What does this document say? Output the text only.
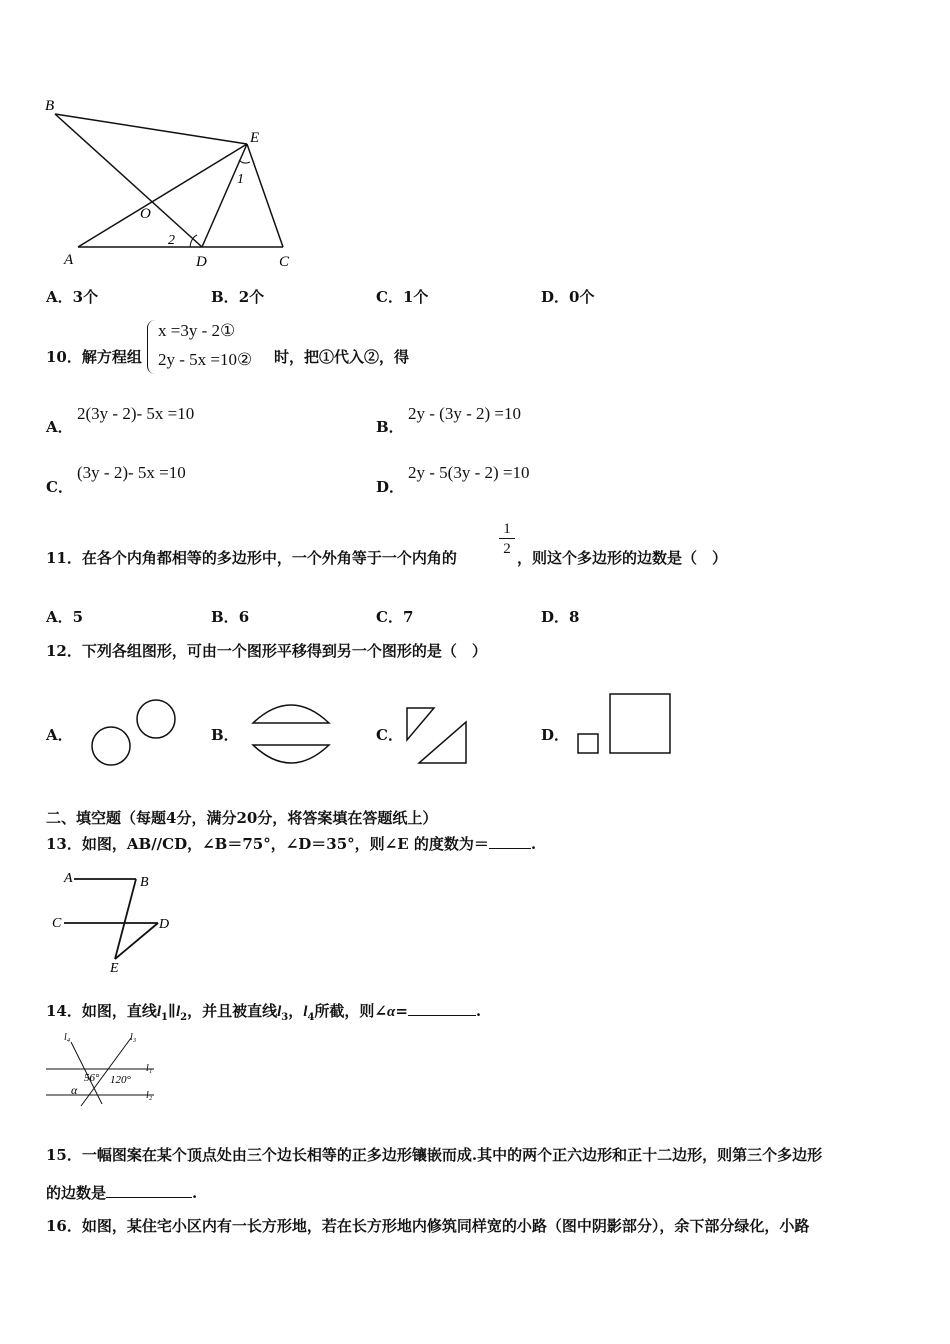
B
E
O
A	D	C
1
2
A．3个	B．2个	C．1个	D．0个
10．解方程组
x =3y - 2①
2y - 5x =10② 时，把①代入②，得
A．
2(3y - 2)- 5x =10
B．
2y - (3y - 2) =10
C．
(3y - 2)- 5x =10
D．
2y - 5(3y - 2) =10
11．在各个内角都相等的多边形中，一个外角等于一个内角的
1
2 ，则这个多边形的边数是（　）
A．5	B．6	C．7	D．8
12．下列各组图形，可由一个图形平移得到另一个图形的是（　）
A．	B．	C．	D．
二、填空题（每题4分，满分20分，将答案填在答题纸上）
13．如图，AB//CD，∠B＝75°，∠D＝35°，则∠E 的度数为＝	.
A	B
C	D
E
14．如图，直线$l_1\parallel l_2$，并且被直线$l_3$，$l_4$所截，则∠α=	.
l₄	l₃
l₁
l₂
56° 120°
α
15．一幅图案在某个顶点处由三个边长相等的正多边形镶嵌而成.其中的两个正六边形和正十二边形，则第三个多边形
的边数是	.
16．如图，某住宅小区内有一长方形地，若在长方形地内修筑同样宽的小路（图中阴影部分），余下部分绿化，小路
